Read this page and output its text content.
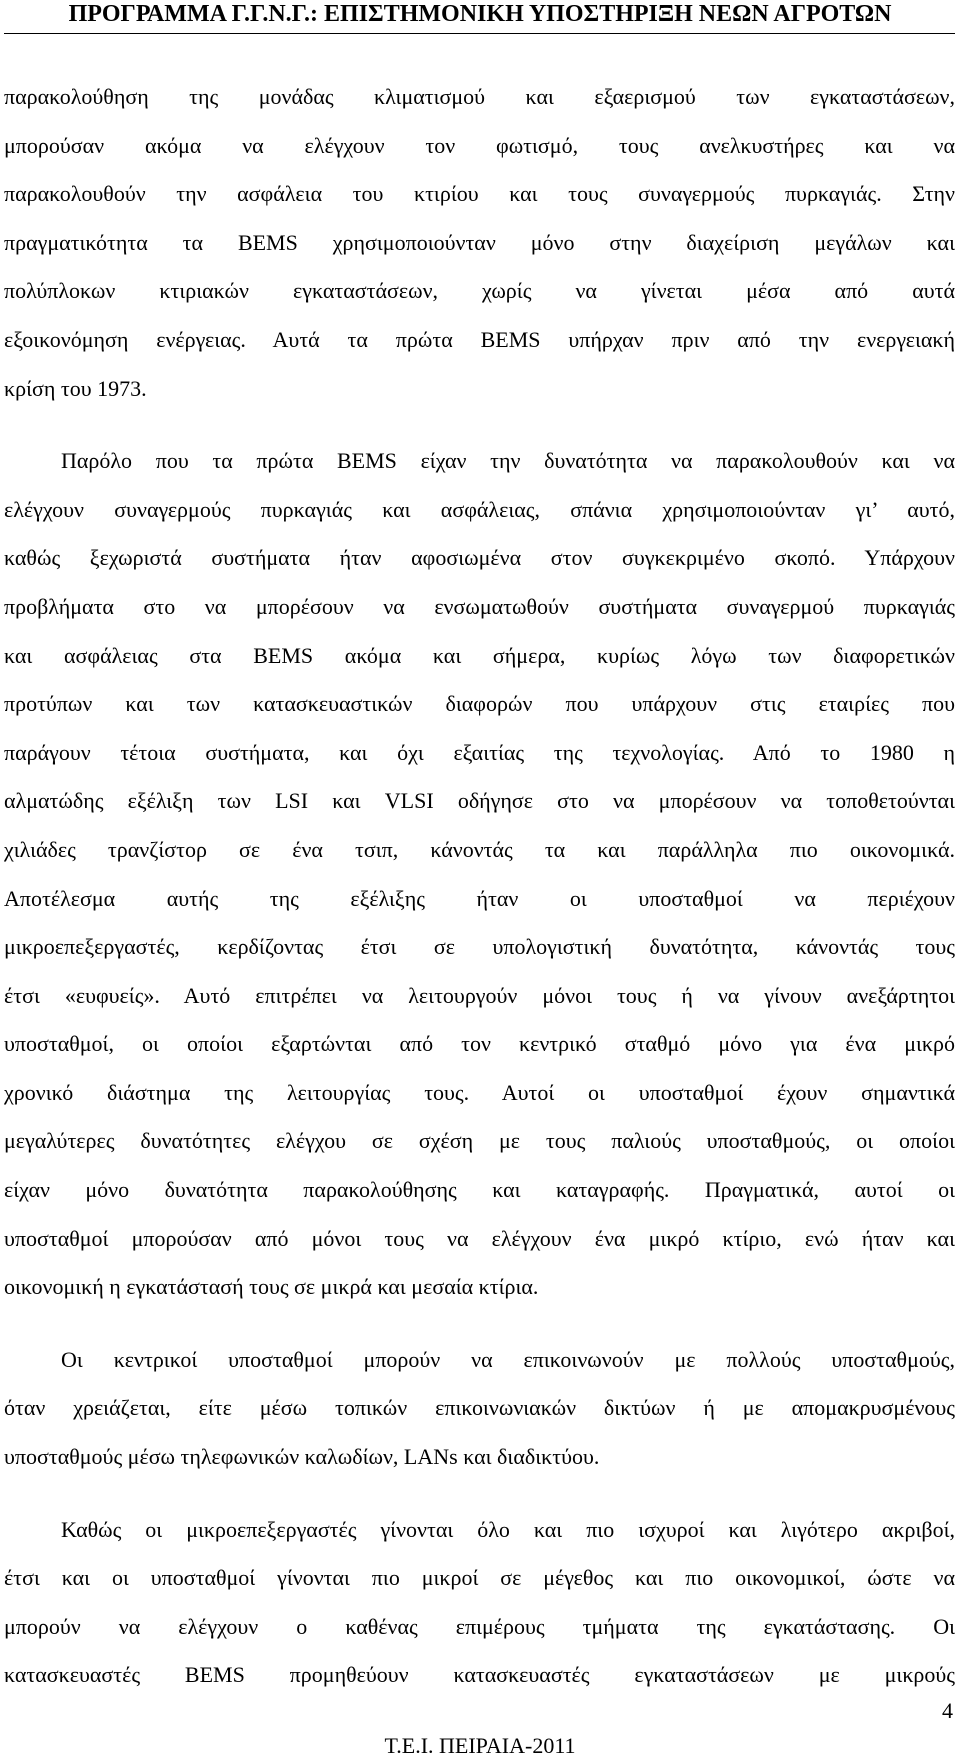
ΠΡΟΓΡΑΜΜΑ Γ.Γ.Ν.Γ.: ΕΠΙΣΤΗΜΟΝΙΚΗ ΥΠΟΣΤΗΡΙΞΗ ΝΕΩΝ ΑΓΡΟΤΩΝ

παρακολούθηση της μονάδας κλιματισμού και εξαερισμού των εγκαταστάσεων,
μπορούσαν ακόμα να ελέγχουν τον φωτισμό, τους ανελκυστήρες και να
παρακολουθούν την ασφάλεια του κτιρίου και τους συναγερμούς πυρκαγιάς. Στην
πραγματικότητα τα BEMS χρησιμοποιούνταν μόνο στην διαχείριση μεγάλων και
πολύπλοκων κτιριακών εγκαταστάσεων, χωρίς να γίνεται μέσα από αυτά
εξοικονόμηση ενέργειας. Αυτά τα πρώτα BEMS υπήρχαν πριν από την ενεργειακή
κρίση του 1973.

Παρόλο που τα πρώτα BEMS είχαν την δυνατότητα να παρακολουθούν και να
ελέγχουν συναγερμούς πυρκαγιάς και ασφάλειας, σπάνια χρησιμοποιούνταν γι’ αυτό,
καθώς ξεχωριστά συστήματα ήταν αφοσιωμένα στον συγκεκριμένο σκοπό. Υπάρχουν
προβλήματα στο να μπορέσουν να ενσωματωθούν συστήματα συναγερμού πυρκαγιάς
και ασφάλειας στα BEMS ακόμα και σήμερα, κυρίως λόγω των διαφορετικών
προτύπων και των κατασκευαστικών διαφορών που υπάρχουν στις εταιρίες που
παράγουν τέτοια συστήματα, και όχι εξαιτίας της τεχνολογίας. Από το 1980 η
αλματώδης εξέλιξη των LSI και VLSI οδήγησε στο να μπορέσουν να τοποθετούνται
χιλιάδες τρανζίστορ σε ένα τσιπ, κάνοντάς τα και παράλληλα πιο οικονομικά.
Αποτέλεσμα αυτής της εξέλιξης ήταν οι υποσταθμοί να περιέχουν
μικροεπεξεργαστές, κερδίζοντας έτσι σε υπολογιστική δυνατότητα, κάνοντάς τους
έτσι «ευφυείς». Αυτό επιτρέπει να λειτουργούν μόνοι τους ή να γίνουν ανεξάρτητοι
υποσταθμοί, οι οποίοι εξαρτώνται από τον κεντρικό σταθμό μόνο για ένα μικρό
χρονικό διάστημα της λειτουργίας τους. Αυτοί οι υποσταθμοί έχουν σημαντικά
μεγαλύτερες δυνατότητες ελέγχου σε σχέση με τους παλιούς υποσταθμούς, οι οποίοι
είχαν μόνο δυνατότητα παρακολούθησης και καταγραφής. Πραγματικά, αυτοί οι
υποσταθμοί μπορούσαν από μόνοι τους να ελέγχουν ένα μικρό κτίριο, ενώ ήταν και
οικονομική η εγκατάστασή τους σε μικρά και μεσαία κτίρια.

Οι κεντρικοί υποσταθμοί μπορούν να επικοινωνούν με πολλούς υποσταθμούς,
όταν χρειάζεται, είτε μέσω τοπικών επικοινωνιακών δικτύων ή με απομακρυσμένους
υποσταθμούς μέσω τηλεφωνικών καλωδίων, LANs και διαδικτύου.

Καθώς οι μικροεπεξεργαστές γίνονται όλο και πιο ισχυροί και λιγότερο ακριβοί,
έτσι και οι υποσταθμοί γίνονται πιο μικροί σε μέγεθος και πιο οικονομικοί, ώστε να
μπορούν να ελέγχουν ο καθένας επιμέρους τμήματα της εγκατάστασης. Οι
κατασκευαστές BEMS προμηθεύουν κατασκευαστές εγκαταστάσεων με μικρούς

4
Τ.Ε.Ι. ΠΕΙΡΑΙΑ-2011
